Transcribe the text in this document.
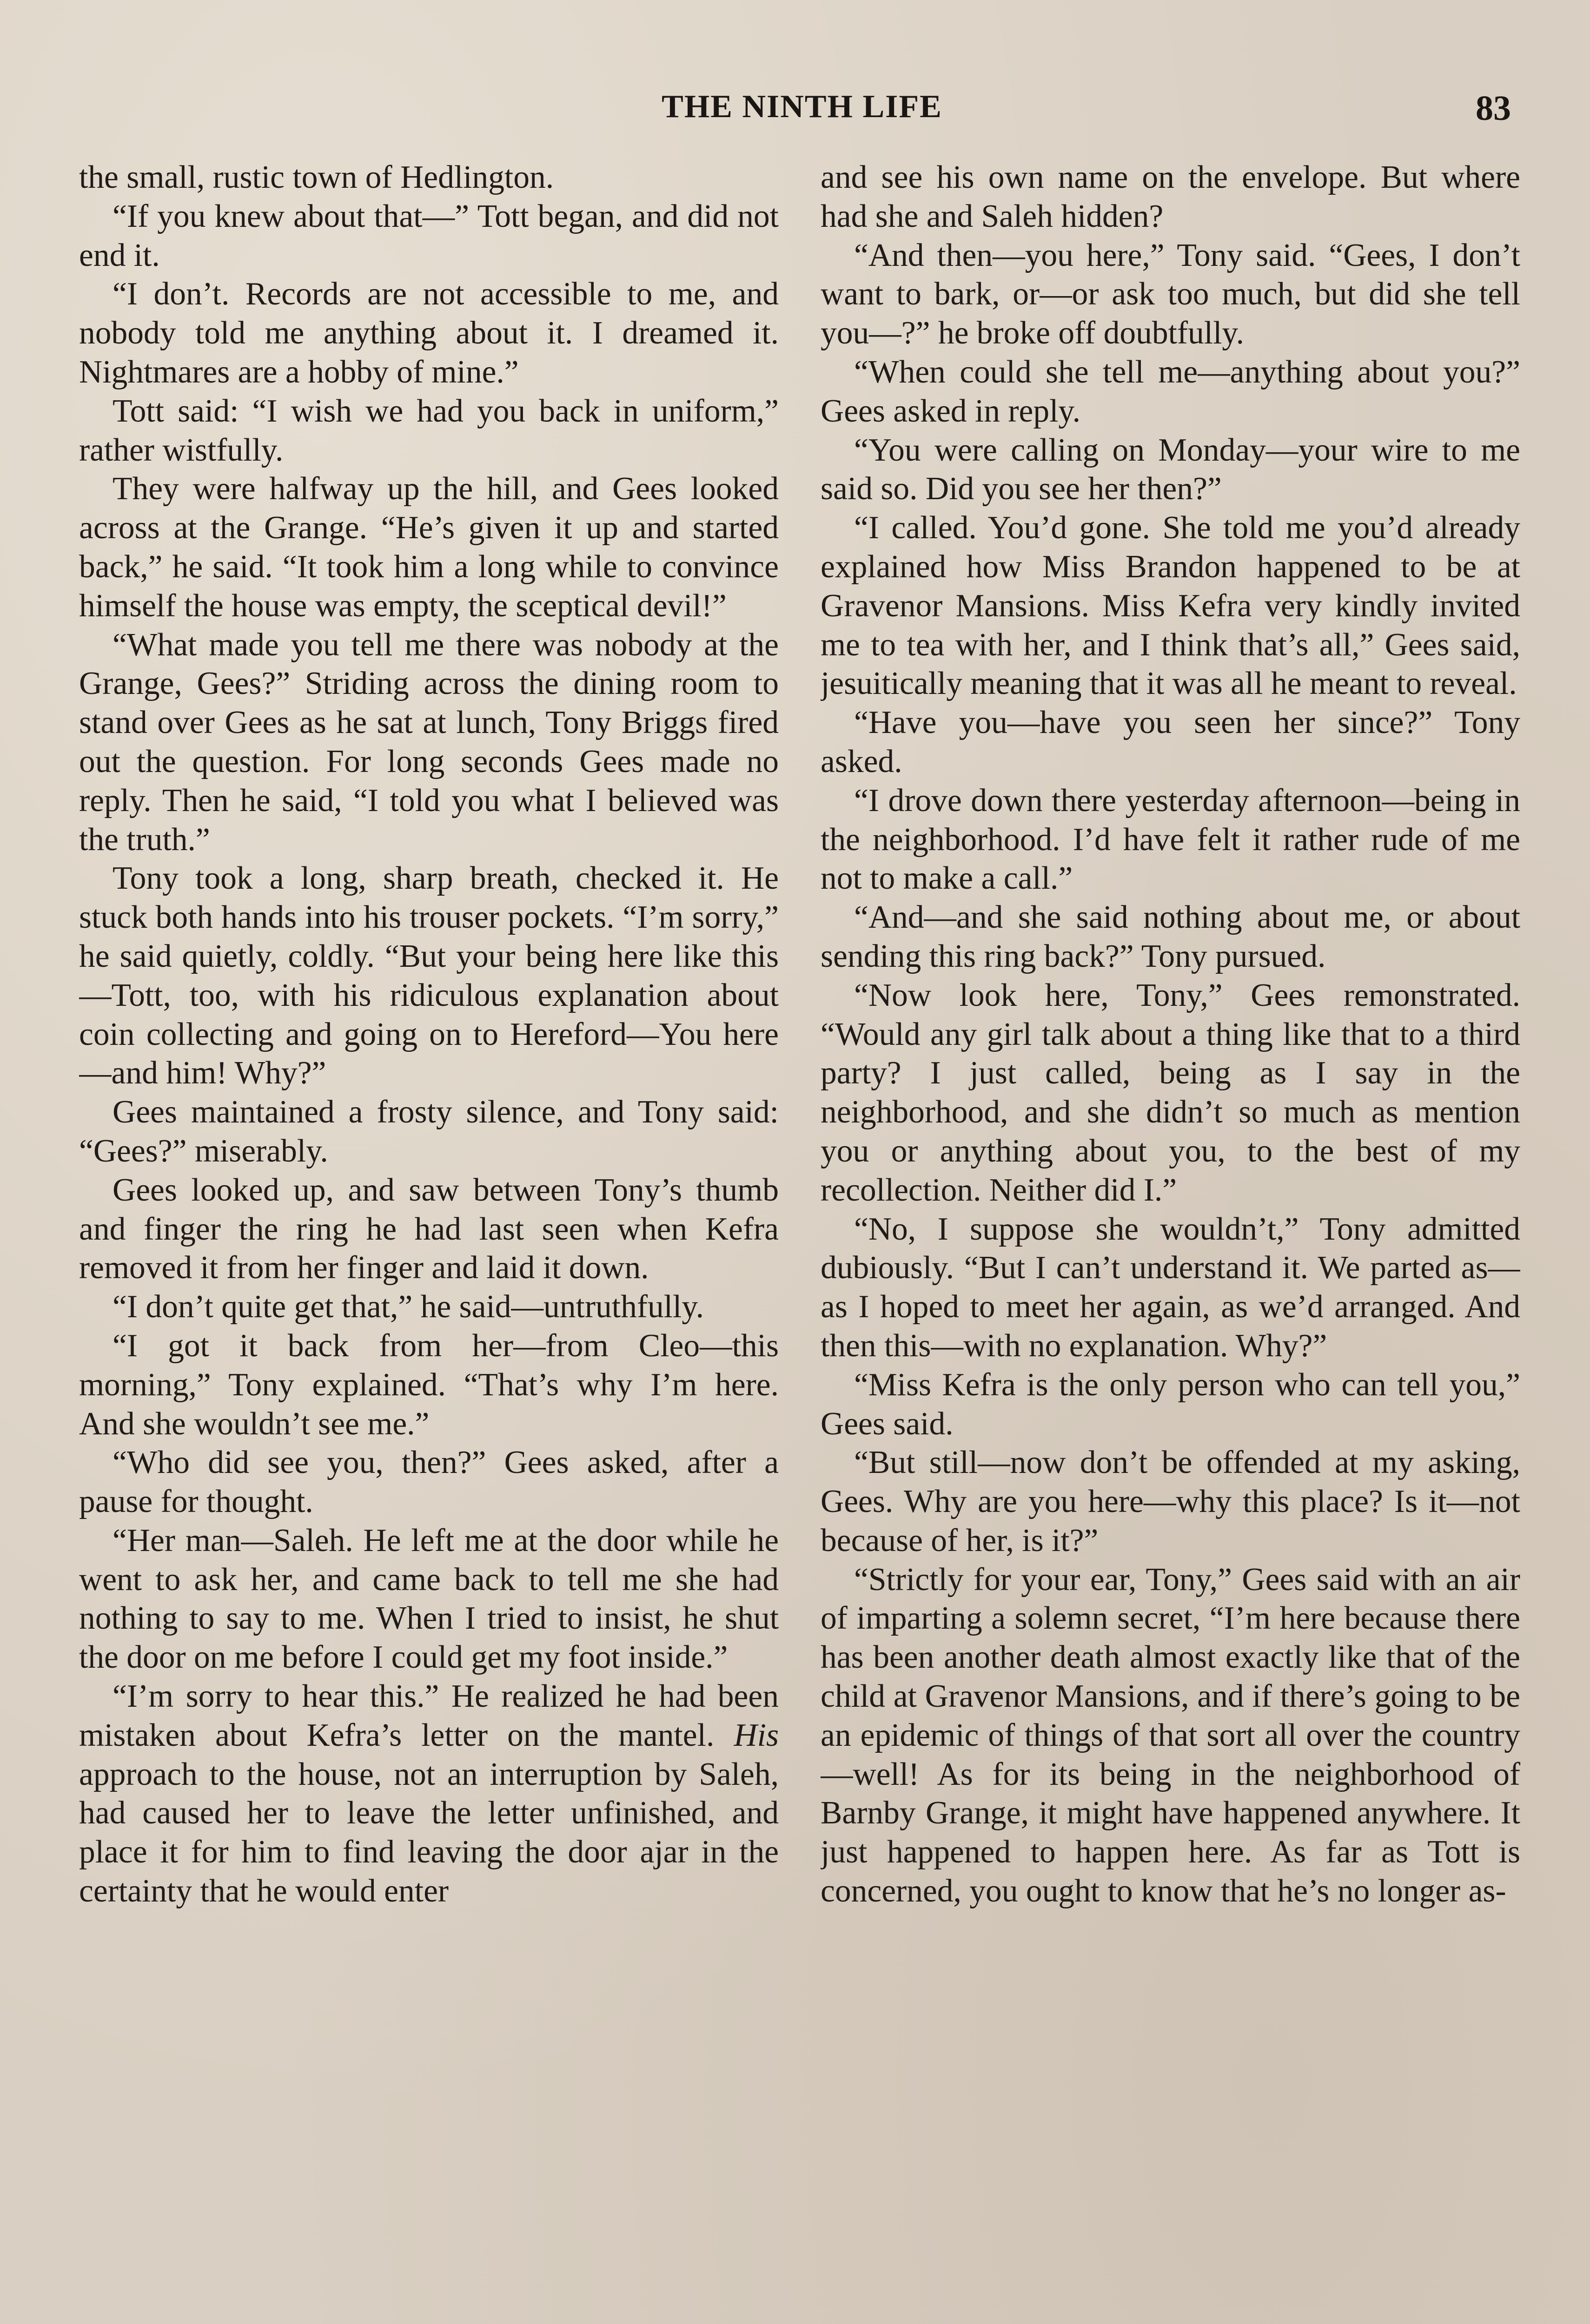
THE NINTH LIFE	83

the small, rustic town of Hedlington.

“If you knew about that—” Tott began, and did not end it.

“I don’t. Records are not accessible to me, and nobody told me anything about it. I dreamed it. Nightmares are a hobby of mine.”

Tott said: “I wish we had you back in uniform,” rather wistfully.

They were halfway up the hill, and Gees looked across at the Grange. “He’s given it up and started back,” he said. “It took him a long while to convince himself the house was empty, the sceptical devil!”

“What made you tell me there was nobody at the Grange, Gees?” Striding across the dining room to stand over Gees as he sat at lunch, Tony Briggs fired out the question. For long seconds Gees made no reply. Then he said, “I told you what I believed was the truth.”

Tony took a long, sharp breath, checked it. He stuck both hands into his trouser pockets. “I’m sorry,” he said quietly, coldly. “But your being here like this—Tott, too, with his ridiculous explanation about coin collecting and going on to Hereford—You here—and him! Why?”

Gees maintained a frosty silence, and Tony said: “Gees?” miserably.

Gees looked up, and saw between Tony’s thumb and finger the ring he had last seen when Kefra removed it from her finger and laid it down.

“I don’t quite get that,” he said—untruthfully.

“I got it back from her—from Cleo—this morning,” Tony explained. “That’s why I’m here. And she wouldn’t see me.”

“Who did see you, then?” Gees asked, after a pause for thought.

“Her man—Saleh. He left me at the door while he went to ask her, and came back to tell me she had nothing to say to me. When I tried to insist, he shut the door on me before I could get my foot inside.”

“I’m sorry to hear this.” He realized he had been mistaken about Kefra’s letter on the mantel. His approach to the house, not an interruption by Saleh, had caused her to leave the letter unfinished, and place it for him to find leaving the door ajar in the certainty that he would enter

and see his own name on the envelope. But where had she and Saleh hidden?

“And then—you here,” Tony said. “Gees, I don’t want to bark, or—or ask too much, but did she tell you—?” he broke off doubtfully.

“When could she tell me—anything about you?” Gees asked in reply.

“You were calling on Monday—your wire to me said so. Did you see her then?”

“I called. You’d gone. She told me you’d already explained how Miss Brandon happened to be at Gravenor Mansions. Miss Kefra very kindly invited me to tea with her, and I think that’s all,” Gees said, jesuitically meaning that it was all he meant to reveal.

“Have you—have you seen her since?” Tony asked.

“I drove down there yesterday afternoon—being in the neighborhood. I’d have felt it rather rude of me not to make a call.”

“And—and she said nothing about me, or about sending this ring back?” Tony pursued.

“Now look here, Tony,” Gees remonstrated. “Would any girl talk about a thing like that to a third party? I just called, being as I say in the neighborhood, and she didn’t so much as mention you or anything about you, to the best of my recollection. Neither did I.”

“No, I suppose she wouldn’t,” Tony admitted dubiously. “But I can’t understand it. We parted as—as I hoped to meet her again, as we’d arranged. And then this—with no explanation. Why?”

“Miss Kefra is the only person who can tell you,” Gees said.

“But still—now don’t be offended at my asking, Gees. Why are you here—why this place? Is it—not because of her, is it?”

“Strictly for your ear, Tony,” Gees said with an air of imparting a solemn secret, “I’m here because there has been another death almost exactly like that of the child at Gravenor Mansions, and if there’s going to be an epidemic of things of that sort all over the country—well! As for its being in the neighborhood of Barnby Grange, it might have happened anywhere. It just happened to happen here. As far as Tott is concerned, you ought to know that he’s no longer as-
